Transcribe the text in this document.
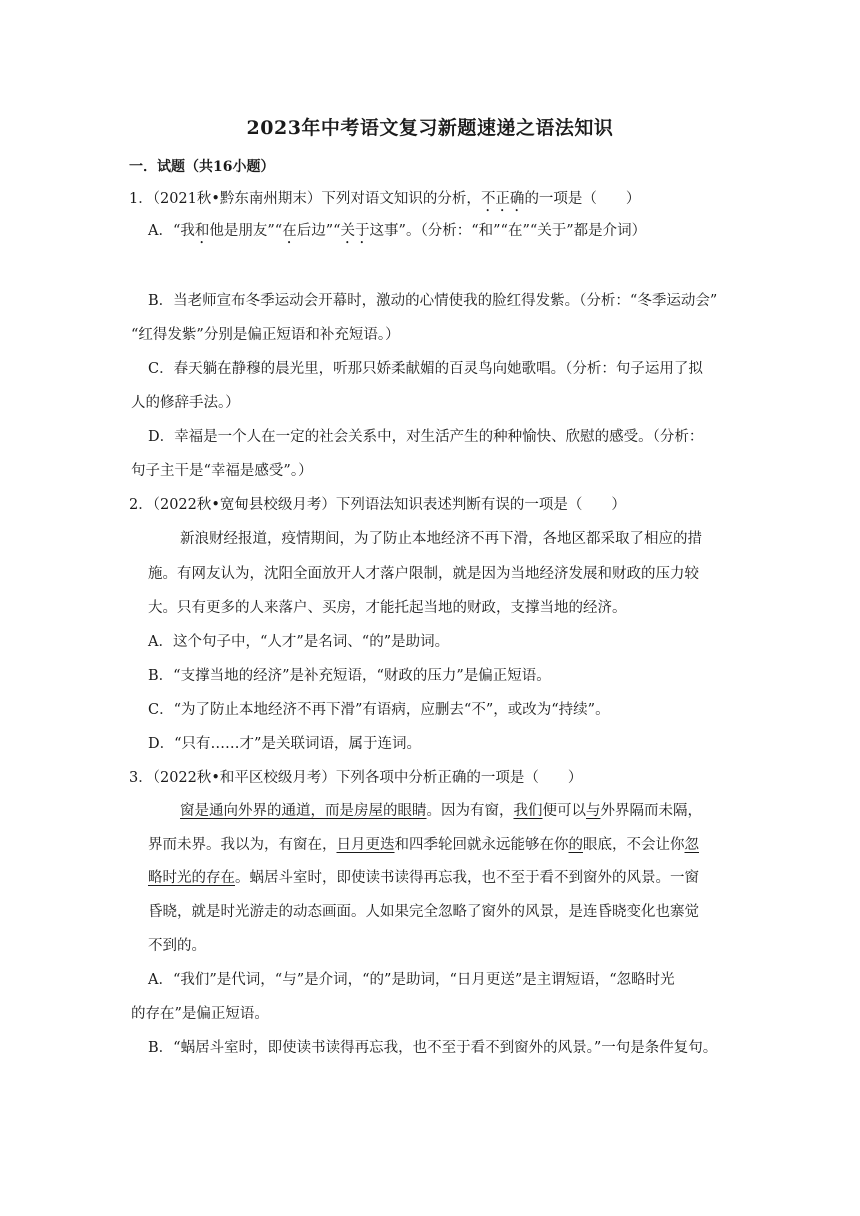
2023年中考语文复习新题速递之语法知识
一．试题（共16小题）
1．（2021秋•黔东南州期末）下列对语文知识的分析，不正确的一项是（　　）
A．“我和他是朋友”“在后边”“关于这事”。（分析：“和”“在”“关于”都是介词）
B．当老师宣布冬季运动会开幕时，激动的心情使我的脸红得发紫。（分析：“冬季运动会”
“红得发紫”分别是偏正短语和补充短语。）
C．春天躺在静穆的晨光里，听那只娇柔献媚的百灵鸟向她歌唱。（分析：句子运用了拟
人的修辞手法。）
D．幸福是一个人在一定的社会关系中，对生活产生的种种愉快、欣慰的感受。（分析：
句子主干是“幸福是感受”。）
2．（2022秋•宽甸县校级月考）下列语法知识表述判断有误的一项是（　　）
新浪财经报道，疫情期间，为了防止本地经济不再下滑，各地区都采取了相应的措
施。有网友认为，沈阳全面放开人才落户限制，就是因为当地经济发展和财政的压力较
大。只有更多的人来落户、买房，才能托起当地的财政，支撑当地的经济。
A．这个句子中，“人才”是名词、“的”是助词。
B．“支撑当地的经济”是补充短语，“财政的压力”是偏正短语。
C．“为了防止本地经济不再下滑”有语病，应删去“不”，或改为“持续”。
D．“只有……才”是关联词语，属于连词。
3．（2022秋•和平区校级月考）下列各项中分析正确的一项是（　　）
窗是通向外界的通道，而是房屋的眼睛。因为有窗，我们便可以与外界隔而未隔，
界而未界。我以为，有窗在，日月更迭和四季轮回就永远能够在你的眼底，不会让你忽
略时光的存在。蜗居斗室时，即使读书读得再忘我，也不至于看不到窗外的风景。一窗
昏晓，就是时光游走的动态画面。人如果完全忽略了窗外的风景，是连昏晓变化也寨觉
不到的。
A．“我们”是代词，“与”是介词，“的”是助词，“日月更送”是主谓短语，“忽略时光
的存在”是偏正短语。
B．“蜗居斗室时，即使读书读得再忘我，也不至于看不到窗外的风景。”一句是条件复句。
